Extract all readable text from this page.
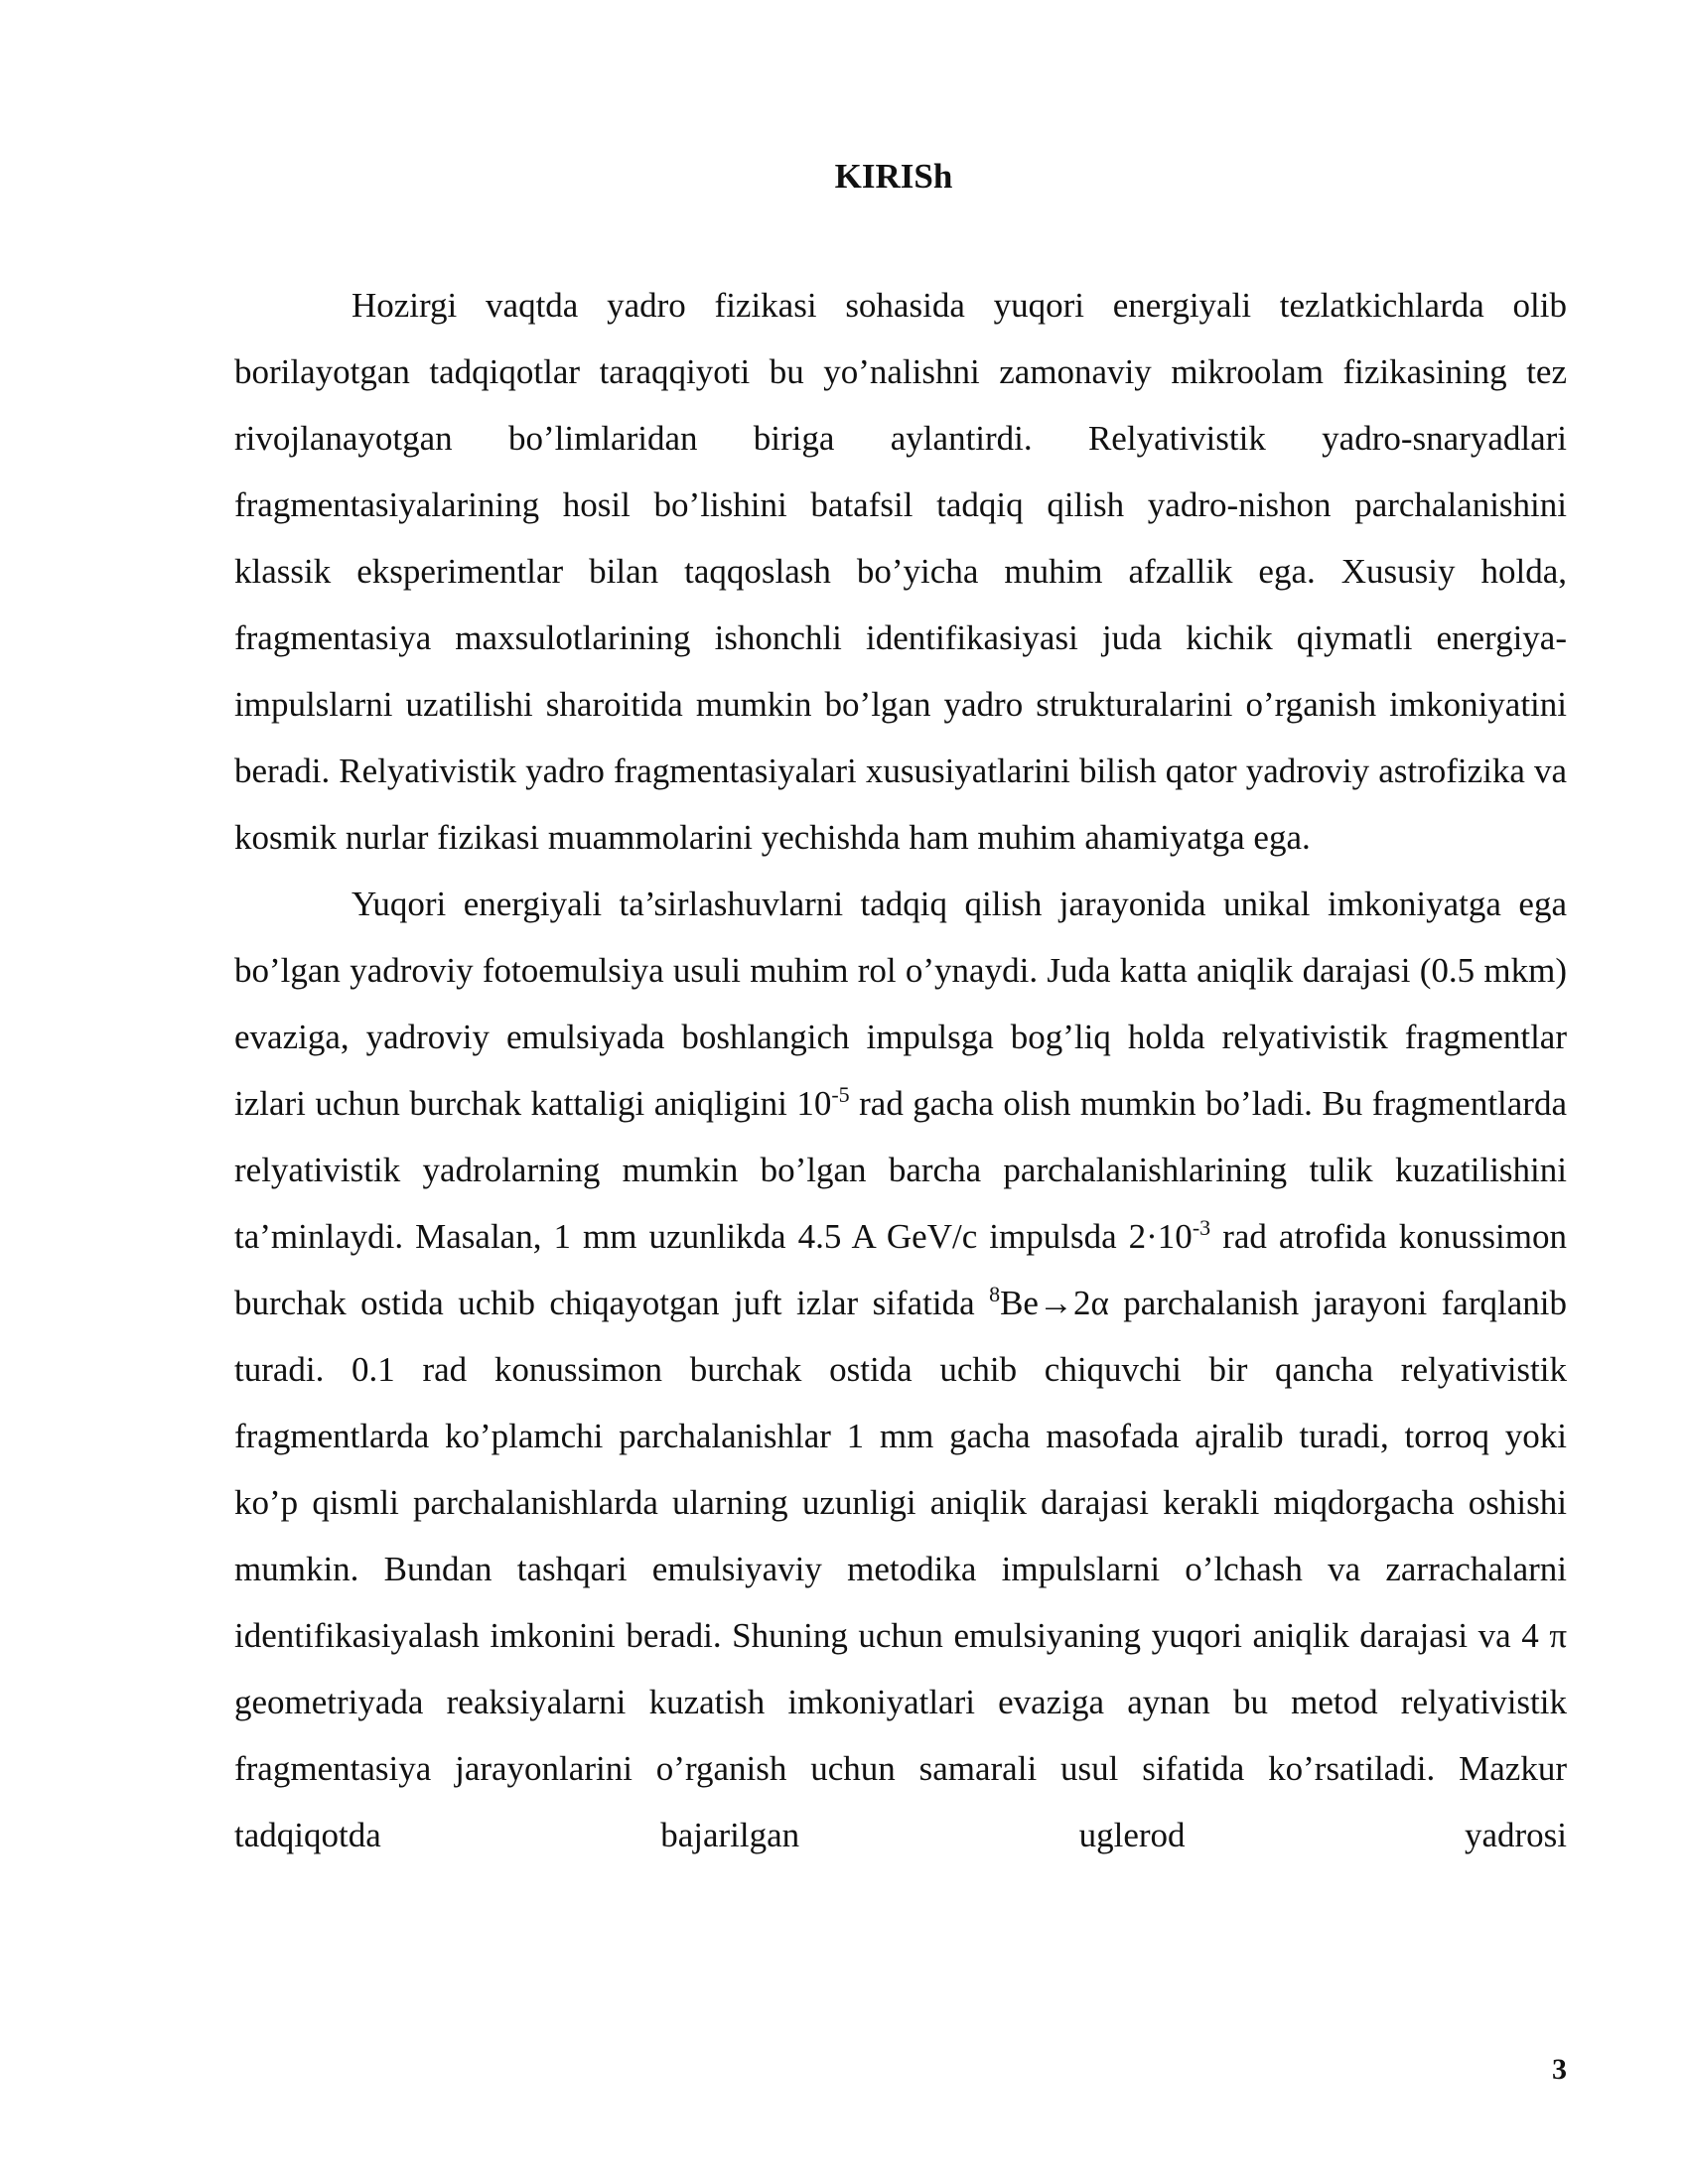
KIRISh

Hozirgi vaqtda yadro fizikasi sohasida yuqori energiyali tezlatkichlarda olib borilayotgan tadqiqotlar taraqqiyoti bu yo’nalishni zamonaviy mikroolam fizikasining tez rivojlanayotgan bo’limlaridan biriga aylantirdi. Relyativistik yadro-snaryadlari fragmentasiyalarining hosil bo’lishini batafsil tadqiq qilish yadro-nishon parchalanishini klassik eksperimentlar bilan taqqoslash bo’yicha muhim afzallik ega. Xususiy holda, fragmentasiya maxsulotlarining ishonchli identifikasiyasi juda kichik qiymatli energiya-impulslarni uzatilishi sharoitida mumkin bo’lgan yadro strukturalarini o’rganish imkoniyatini beradi. Relyativistik yadro fragmentasiyalari xususiyatlarini bilish qator yadroviy astrofizika va kosmik nurlar fizikasi muammolarini yechishda ham muhim ahamiyatga ega.

Yuqori energiyali ta’sirlashuvlarni tadqiq qilish jarayonida unikal imkoniyatga ega bo’lgan yadroviy fotoemulsiya usuli muhim rol o’ynaydi. Juda katta aniqlik darajasi (0.5 mkm) evaziga, yadroviy emulsiyada boshlangich impulsga bog’liq holda relyativistik fragmentlar izlari uchun burchak kattaligi aniqligini $10^{-5}$ rad gacha olish mumkin bo’ladi. Bu fragmentlarda relyativistik yadrolarning mumkin bo’lgan barcha parchalanishlarining tulik kuzatilishini ta’minlaydi. Masalan, 1 mm uzunlikda 4.5 A GeV/c impulsda $2\cdot 10^{-3}$ rad atrofida konussimon burchak ostida uchib chiqayotgan juft izlar sifatida $^8$Be→2α parchalanish jarayoni farqlanib turadi. 0.1 rad konussimon burchak ostida uchib chiquvchi bir qancha relyativistik fragmentlarda ko’plamchi parchalanishlar 1 mm gacha masofada ajralib turadi, torroq yoki ko’p qismli parchalanishlarda ularning uzunligi aniqlik darajasi kerakli miqdorgacha oshishi mumkin. Bundan tashqari emulsiyaviy metodika impulslarni o’lchash va zarrachalarni identifikasiyalash imkonini beradi. Shuning uchun emulsiyaning yuqori aniqlik darajasi va 4 π geometriyada reaksiyalarni kuzatish imkoniyatlari evaziga aynan bu metod relyativistik fragmentasiya jarayonlarini o’rganish uchun samarali usul sifatida ko’rsatiladi. Mazkur tadqiqotda bajarilgan uglerod yadrosi

3
